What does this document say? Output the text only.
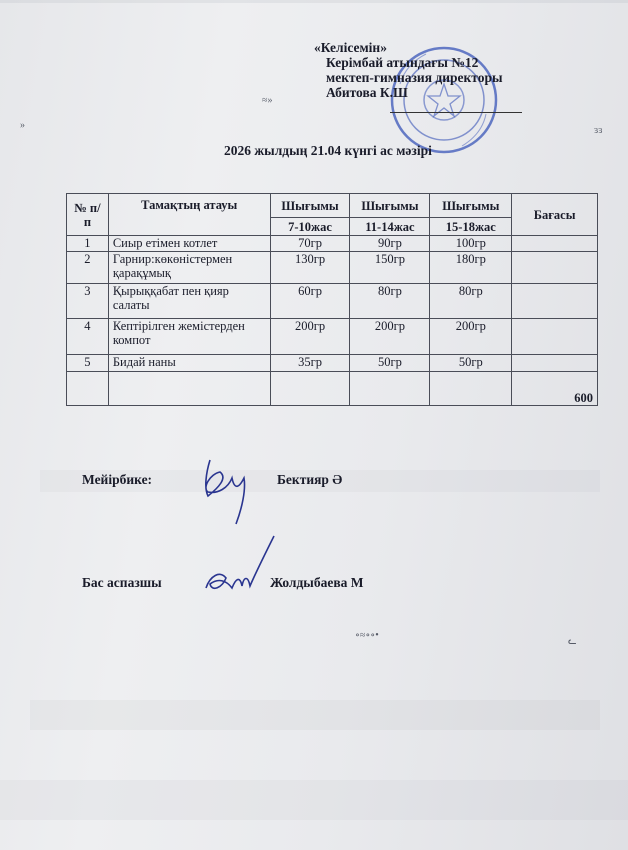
«Келісемін»
Керімбай атындағы №12
мектеп-гимназия директоры
Абитова К.Ш
≈»
»	ɜɜ
∘≈∘∘•
ᓚ
2026 жылдың 21.04 күнгі ас мәзірі
№ п/п	Тамақтың атауы	Шығымы	Шығымы	Шығымы	Бағасы
		7-10жас	11-14жас	15-18жас	
1	Сиыр етімен котлет	70гр	90гр	100гр	
2	Гарнир:көкөністермен қарақұмық	130гр	150гр	180гр	
3	Қырыққабат пен қияр салаты	60гр	80гр	80гр	
4	Кептірілген жемістерден компот	200гр	200гр	200гр	
5	Бидай наны	35гр	50гр	50гр	
					600
Мейірбике:	Бектияр Ә
Бас аспазшы	Жолдыбаева М
